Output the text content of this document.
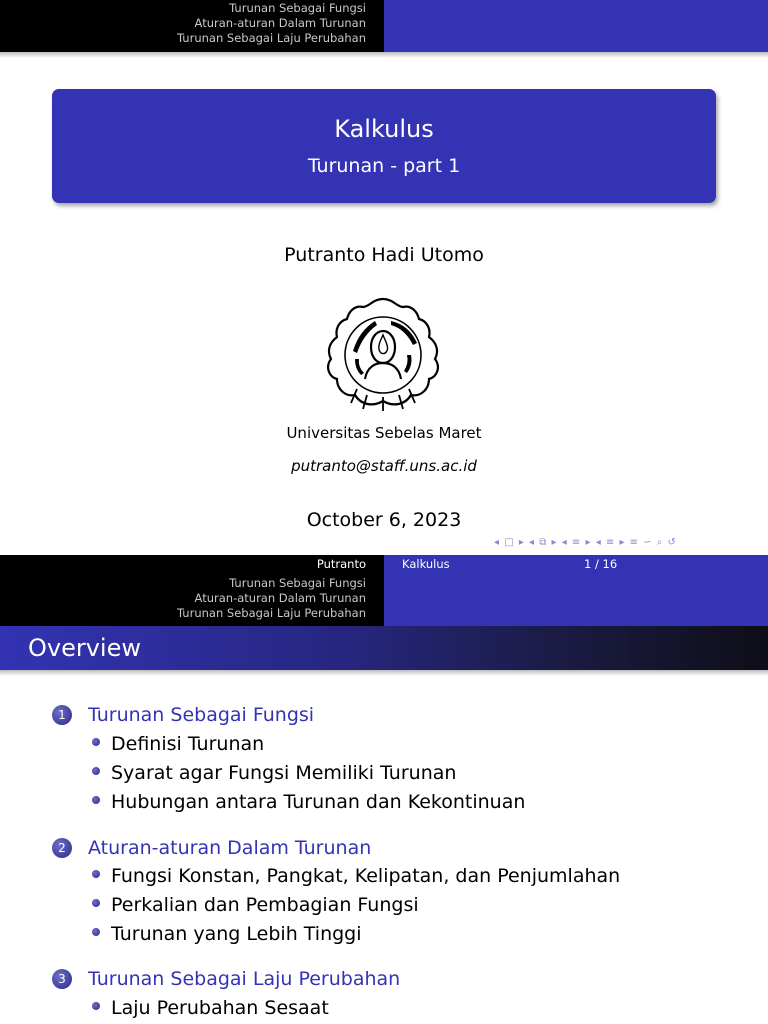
Turunan Sebagai Fungsi
Aturan-aturan Dalam Turunan
Turunan Sebagai Laju Perubahan
Kalkulus
Turunan - part 1
Putranto Hadi Utomo
Universitas Sebelas Maret
putranto@staff.uns.ac.id
October 6, 2023
◂ □ ▸ ◂ ⧉ ▸ ◂ ≡ ▸ ◂ ≡ ▸ ≡ ∽ ⌕ ↺
Putranto	Kalkulus	1 / 16
Turunan Sebagai Fungsi
Aturan-aturan Dalam Turunan
Turunan Sebagai Laju Perubahan
Overview
1 Turunan Sebagai Fungsi
Definisi Turunan
Syarat agar Fungsi Memiliki Turunan
Hubungan antara Turunan dan Kekontinuan
2 Aturan-aturan Dalam Turunan
Fungsi Konstan, Pangkat, Kelipatan, dan Penjumlahan
Perkalian dan Pembagian Fungsi
Turunan yang Lebih Tinggi
3 Turunan Sebagai Laju Perubahan
Laju Perubahan Sesaat
